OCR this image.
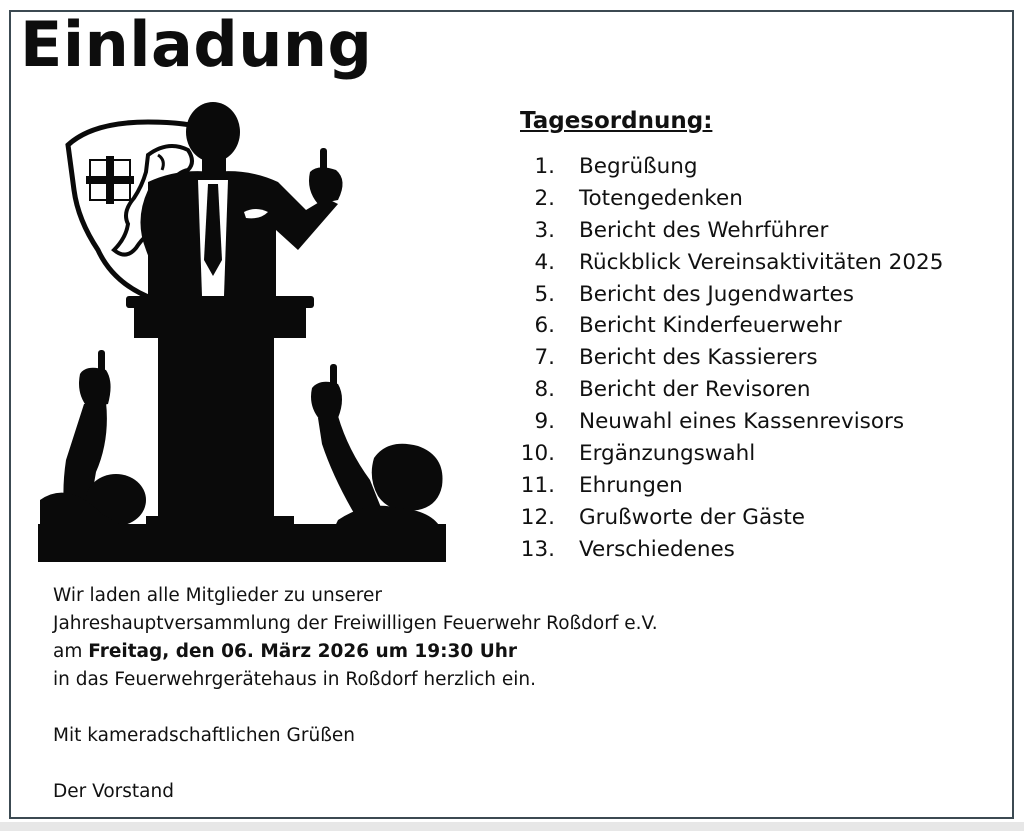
Einladung
Tagesordnung:
1. Begrüßung
2. Totengedenken
3. Bericht des Wehrführer
4. Rückblick Vereinsaktivitäten 2025
5. Bericht des Jugendwartes
6. Bericht Kinderfeuerwehr
7. Bericht des Kassierers
8. Bericht der Revisoren
9. Neuwahl eines Kassenrevisors
10. Ergänzungswahl
11. Ehrungen
12. Grußworte der Gäste
13. Verschiedenes

Wir laden alle Mitglieder zu unserer

Jahreshauptversammlung der Freiwilligen Feuerwehr Roßdorf e.V.

am Freitag, den 06. März 2026 um 19:30 Uhr

in das Feuerwehrgerätehaus in Roßdorf herzlich ein.

Mit kameradschaftlichen Grüßen

Der Vorstand
